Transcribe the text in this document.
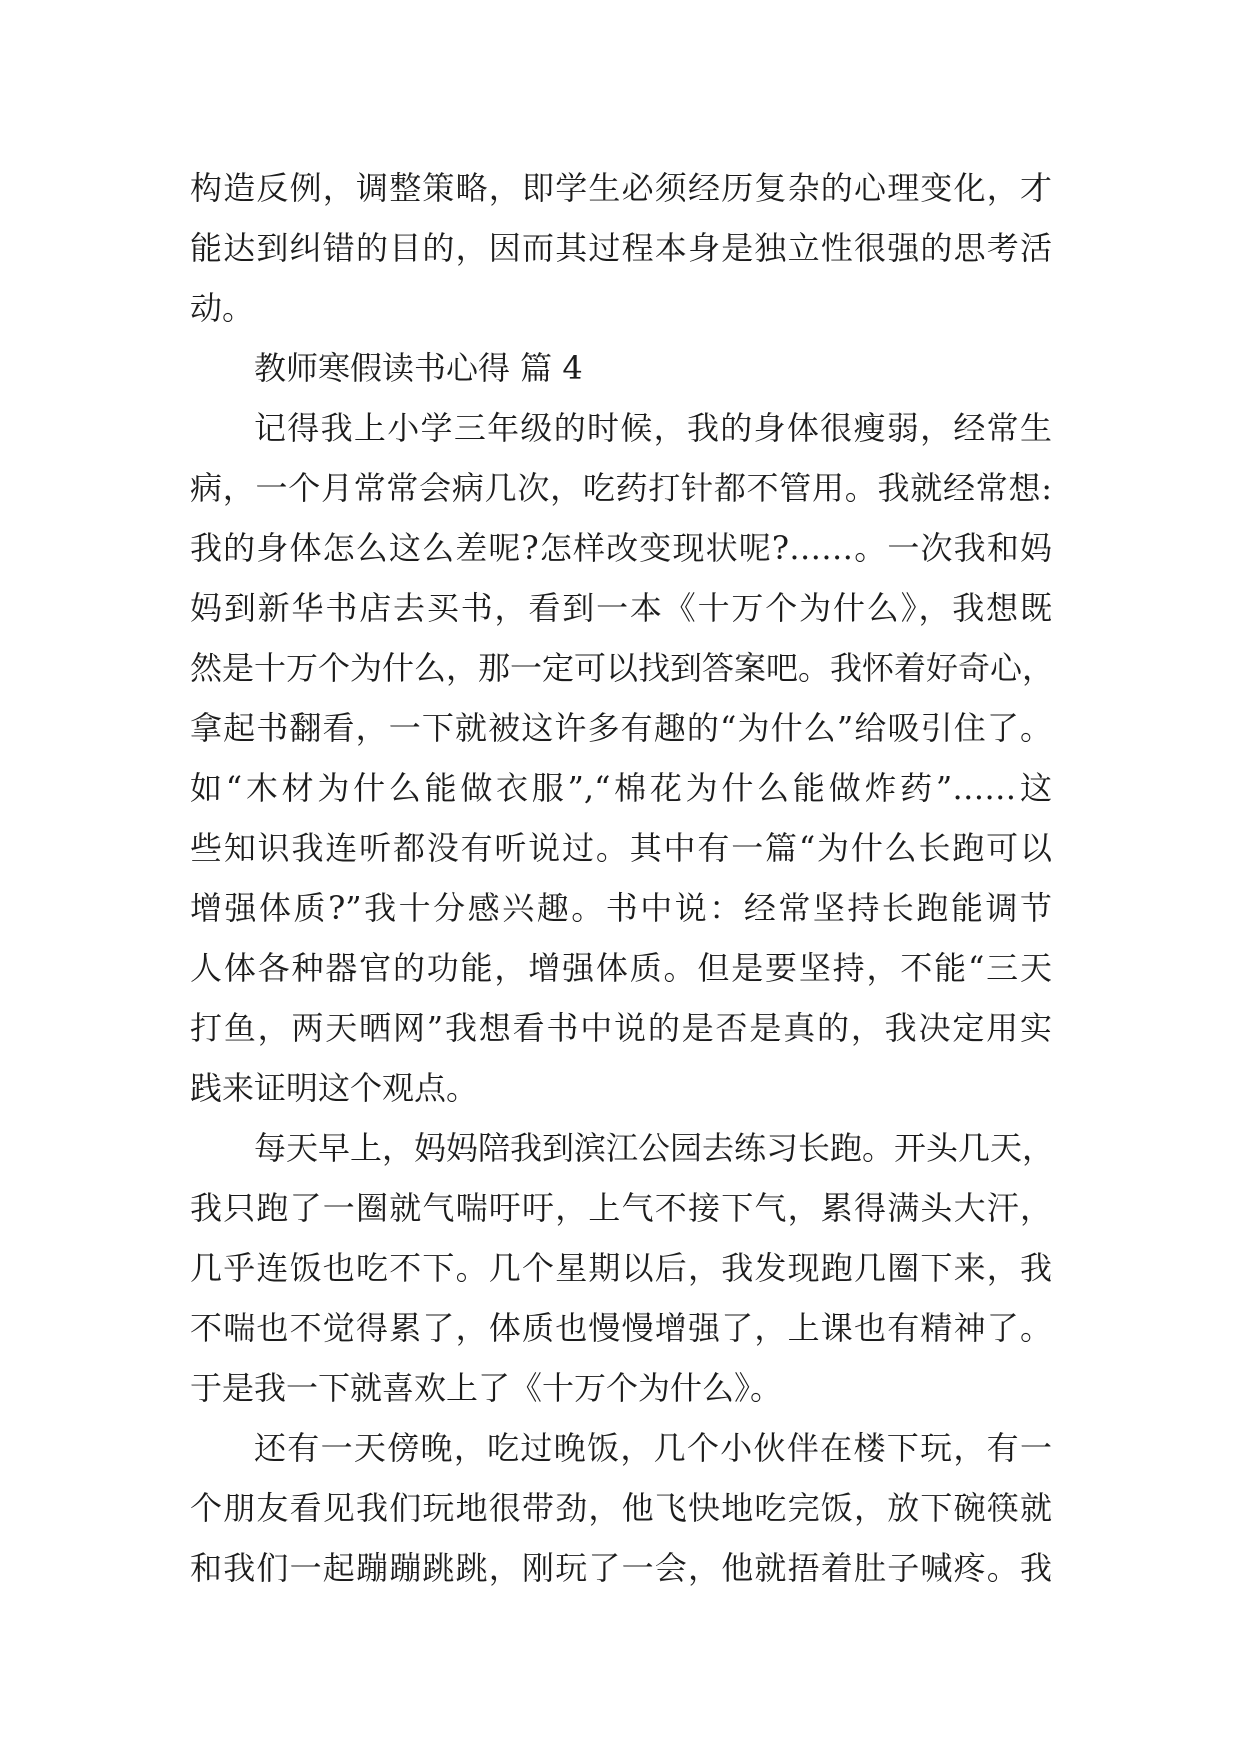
构造反例，调整策略，即学生必须经历复杂的心理变化，才
能达到纠错的目的，因而其过程本身是独立性很强的思考活
动。
教师寒假读书心得 篇 4
记得我上小学三年级的时候，我的身体很瘦弱，经常生
病，一个月常常会病几次，吃药打针都不管用。我就经常想:
我的身体怎么这么差呢?怎样改变现状呢?……。一次我和妈
妈到新华书店去买书，看到一本《十万个为什么》，我想既
然是十万个为什么，那一定可以找到答案吧。我怀着好奇心，
拿起书翻看，一下就被这许多有趣的“为什么”给吸引住了。
如“木材为什么能做衣服”,“棉花为什么能做炸药”……这
些知识我连听都没有听说过。其中有一篇“为什么长跑可以
增强体质?”我十分感兴趣。书中说：经常坚持长跑能调节
人体各种器官的功能，增强体质。但是要坚持，不能“三天
打鱼，两天晒网”我想看书中说的是否是真的，我决定用实
践来证明这个观点。
每天早上，妈妈陪我到滨江公园去练习长跑。开头几天，
我只跑了一圈就气喘吁吁，上气不接下气，累得满头大汗，
几乎连饭也吃不下。几个星期以后，我发现跑几圈下来，我
不喘也不觉得累了，体质也慢慢增强了，上课也有精神了。
于是我一下就喜欢上了《十万个为什么》。
还有一天傍晚，吃过晚饭，几个小伙伴在楼下玩，有一
个朋友看见我们玩地很带劲，他飞快地吃完饭，放下碗筷就
和我们一起蹦蹦跳跳，刚玩了一会，他就捂着肚子喊疼。我
